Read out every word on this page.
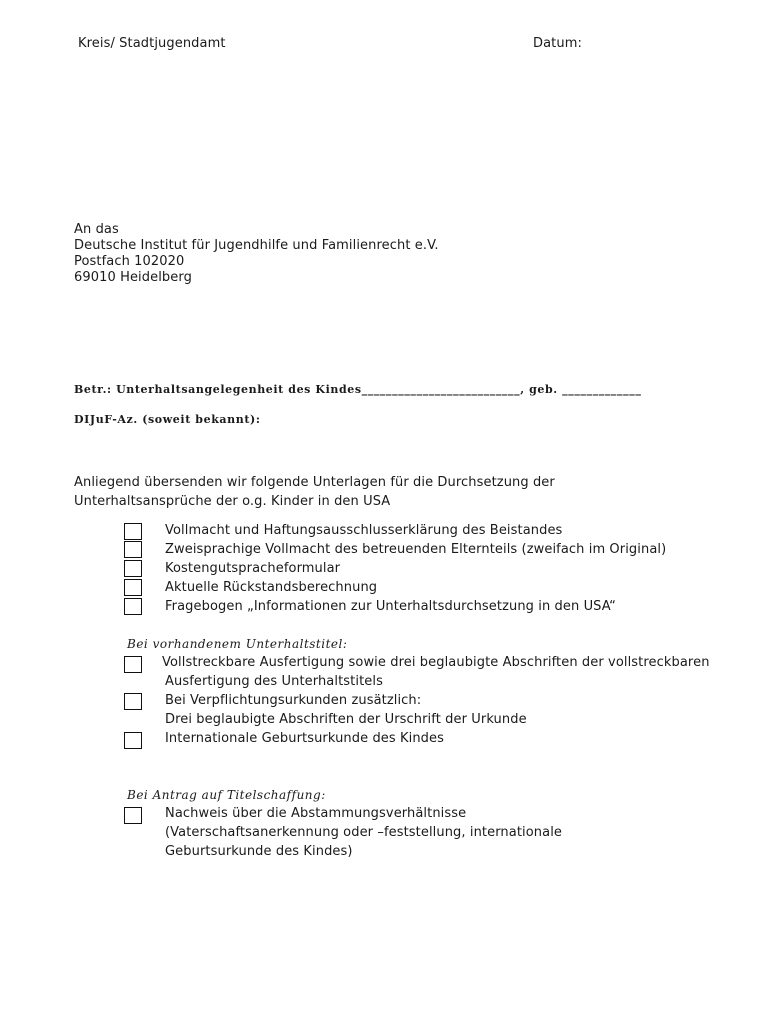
Kreis/ Stadtjugendamt	Datum:
An das
Deutsche Institut für Jugendhilfe und Familienrecht e.V.
Postfach 102020
69010 Heidelberg
Betr.: Unterhaltsangelegenheit des Kindes__________________________, geb. _____________
DIJuF-Az. (soweit bekannt):
Anliegend übersenden wir folgende Unterlagen für die Durchsetzung der
Unterhaltsansprüche der o.g. Kinder in den USA
Vollmacht und Haftungsausschlusserklärung des Beistandes
Zweisprachige Vollmacht des betreuenden Elternteils (zweifach im Original)
Kostengutspracheformular
Aktuelle Rückstandsberechnung
Fragebogen „Informationen zur Unterhaltsdurchsetzung in den USA“
Bei vorhandenem Unterhaltstitel:
Vollstreckbare Ausfertigung sowie drei beglaubigte Abschriften der vollstreckbaren
Ausfertigung des Unterhaltstitels
Bei Verpflichtungsurkunden zusätzlich:
Drei beglaubigte Abschriften der Urschrift der Urkunde
Internationale Geburtsurkunde des Kindes
Bei Antrag auf Titelschaffung:
Nachweis über die Abstammungsverhältnisse
(Vaterschaftsanerkennung oder –feststellung, internationale
Geburtsurkunde des Kindes)
